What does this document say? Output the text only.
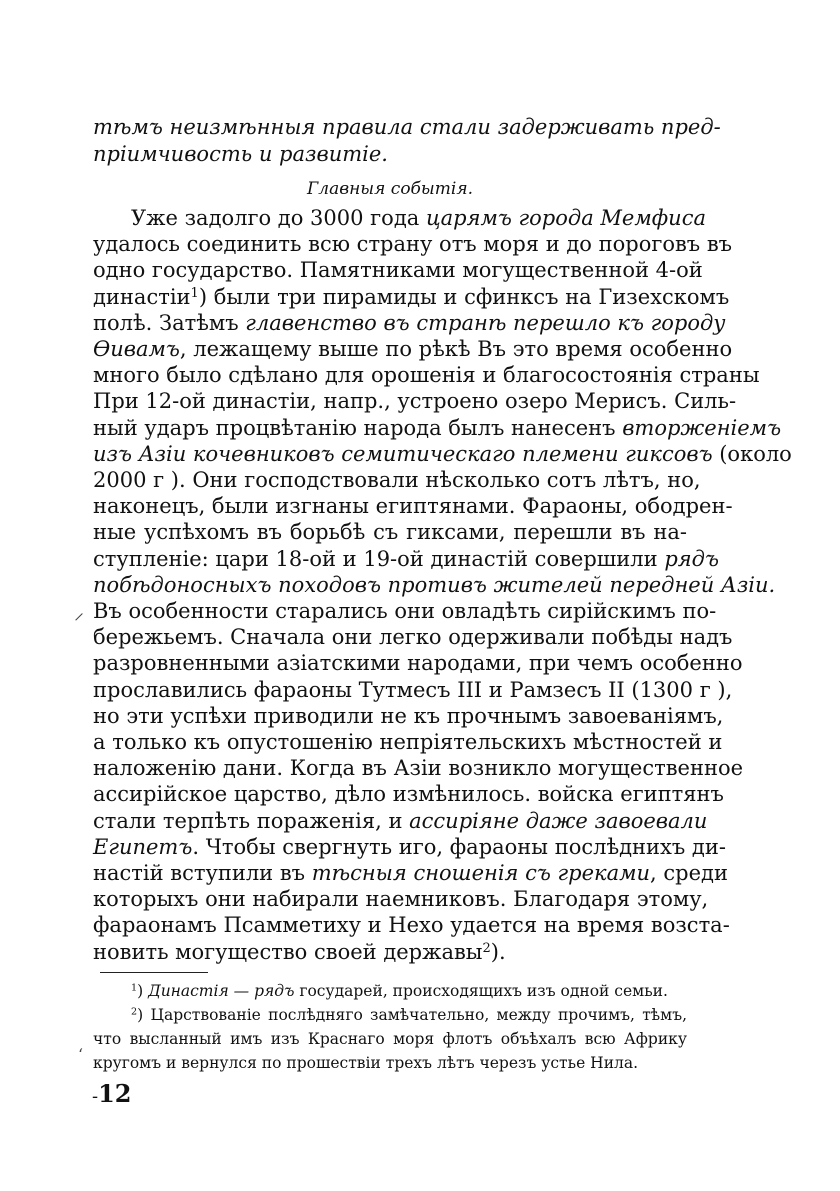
тѣмъ неизмѣнныя правила стали задерживать пред-
пріимчивость и развитіе.
Главныя событія.
Уже задолго до 3000 года царямъ города Мемфиса
удалось соединить всю страну отъ моря и до пороговъ въ
одно государство. Памятниками могущественной 4-ой
династіи$^1$) были три пирамиды и сфинксъ на Гизехскомъ
полѣ. Затѣмъ главенство въ странѣ перешло къ городу
Ѳивамъ, лежащему выше по рѣкѣ Въ это время особенно
много было сдѣлано для орошенія и благосостоянія страны
При 12-ой династіи, напр., устроено озеро Мерисъ. Силь-
ный ударъ процвѣтанію народа былъ нанесенъ вторженіемъ
изъ Азіи кочевниковъ семитическаго племени гиксовъ (около
2000 г ). Они господствовали нѣсколько сотъ лѣтъ, но,
наконецъ, были изгнаны египтянами. Фараоны, ободрен-
ные успѣхомъ въ борьбѣ съ гиксами, перешли въ на-
ступленіе: цари 18-ой и 19-ой династій совершили рядъ
побѣдоносныхъ походовъ противъ жителей передней Азіи.
Въ особенности старались они овладѣть сирійскимъ по-
бережьемъ. Сначала они легко одерживали побѣды надъ
разровненными азіатскими народами, при чемъ особенно
прославились фараоны Тутмесъ III и Рамзесъ II (1300 г ),
но эти успѣхи приводили не къ прочнымъ завоеваніямъ,
а только къ опустошенію непріятельскихъ мѣстностей и
наложенію дани. Когда въ Азіи возникло могущественное
ассирійское царство, дѣло измѣнилось. войска египтянъ
стали терпѣть пораженія, и ассиріяне даже завоевали
Египетъ. Чтобы свергнуть иго, фараоны послѣднихъ ди-
настій вступили въ тѣсныя сношенія съ греками, среди
которыхъ они набирали наемниковъ. Благодаря этому,
фараонамъ Псамметиху и Нехо удается на время возста-
новить могущество своей державы$^2$).
$^1$) Династія — рядъ государей, происходящихъ изъ одной семьи.
$^2$) Царствованіе послѣдняго замѣчательно, между прочимъ, тѣмъ,
что высланный имъ изъ Краснаго моря флотъ объѣхалъ всю Африку
кругомъ и вернулся по прошествіи трехъ лѣтъ черезъ устье Нила.
⸝
‘
-12
